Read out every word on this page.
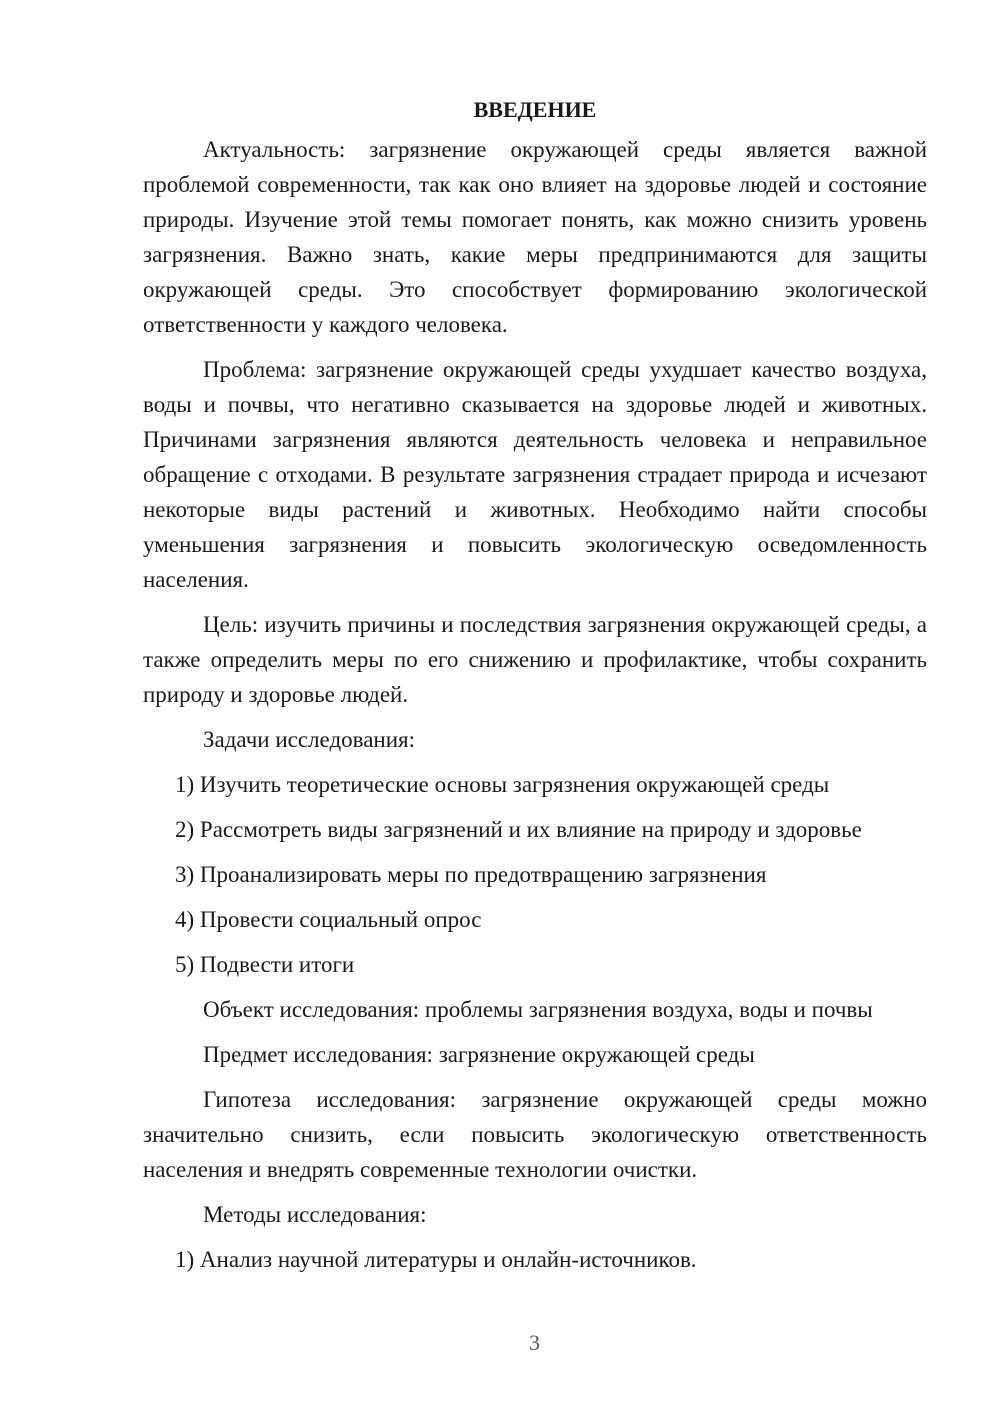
ВВЕДЕНИЕ

Актуальность: загрязнение окружающей среды является важной проблемой современности, так как оно влияет на здоровье людей и состояние природы. Изучение этой темы помогает понять, как можно снизить уровень загрязнения. Важно знать, какие меры предпринимаются для защиты окружающей среды. Это способствует формированию экологической ответственности у каждого человека.

Проблема: загрязнение окружающей среды ухудшает качество воздуха, воды и почвы, что негативно сказывается на здоровье людей и животных. Причинами загрязнения являются деятельность человека и неправильное обращение с отходами. В результате загрязнения страдает природа и исчезают некоторые виды растений и животных. Необходимо найти способы уменьшения загрязнения и повысить экологическую осведомленность населения.

Цель: изучить причины и последствия загрязнения окружающей среды, а также определить меры по его снижению и профилактике, чтобы сохранить природу и здоровье людей.

Задачи исследования:
1) Изучить теоретические основы загрязнения окружающей среды
2) Рассмотреть виды загрязнений и их влияние на природу и здоровье
3) Проанализировать меры по предотвращению загрязнения
4) Провести социальный опрос
5) Подвести итоги
Объект исследования: проблемы загрязнения воздуха, воды и почвы
Предмет исследования: загрязнение окружающей среды

Гипотеза исследования: загрязнение окружающей среды можно значительно снизить, если повысить экологическую ответственность населения и внедрять современные технологии очистки.

Методы исследования:
1) Анализ научной литературы и онлайн-источников.
3
